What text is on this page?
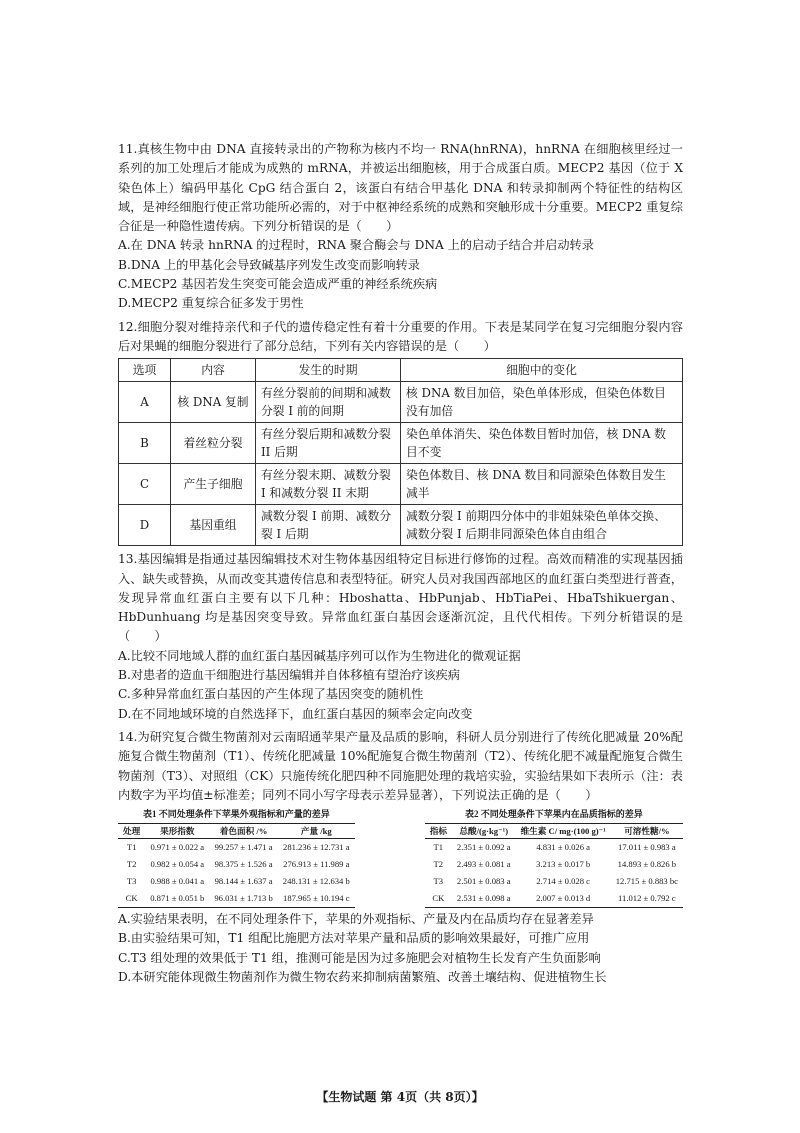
11.真核生物中由 DNA 直接转录出的产物称为核内不均一 RNA(hnRNA)，hnRNA 在细胞核里经过一系列的加工处理后才能成为成熟的 mRNA，并被运出细胞核，用于合成蛋白质。MECP2 基因（位于 X 染色体上）编码甲基化 CpG 结合蛋白 2，该蛋白有结合甲基化 DNA 和转录抑制两个特征性的结构区域，是神经细胞行使正常功能所必需的，对于中枢神经系统的成熟和突触形成十分重要。MECP2 重复综合征是一种隐性遗传病。下列分析错误的是（　　）

A.在 DNA 转录 hnRNA 的过程时，RNA 聚合酶会与 DNA 上的启动子结合并启动转录

B.DNA 上的甲基化会导致碱基序列发生改变而影响转录

C.MECP2 基因若发生突变可能会造成严重的神经系统疾病

D.MECP2 重复综合征多发于男性

12.细胞分裂对维持亲代和子代的遗传稳定性有着十分重要的作用。下表是某同学在复习完细胞分裂内容后对果蝇的细胞分裂进行了部分总结，下列有关内容错误的是（　　）

选项	内容	发生的时期	细胞中的变化
A	核 DNA 复制	有丝分裂前的间期和减数分裂 I 前的间期	核 DNA 数目加倍，染色单体形成，但染色体数目没有加倍
B	着丝粒分裂	有丝分裂后期和减数分裂 II 后期	染色单体消失、染色体数目暂时加倍，核 DNA 数目不变
C	产生子细胞	有丝分裂末期、减数分裂 I 和减数分裂 II 末期	染色体数目、核 DNA 数目和同源染色体数目发生减半
D	基因重组	减数分裂 I 前期、减数分裂 I 后期	减数分裂 I 前期四分体中的非姐妹染色单体交换、减数分裂 I 后期非同源染色体自由组合

13.基因编辑是指通过基因编辑技术对生物体基因组特定目标进行修饰的过程。高效而精准的实现基因插入、缺失或替换，从而改变其遗传信息和表型特征。研究人员对我国西部地区的血红蛋白类型进行普查，发现异常血红蛋白主要有以下几种：Hboshatta、HbPunjab、HbTiaPei、HbaTshikuergan、HbDunhuang 均是基因突变导致。异常血红蛋白基因会逐渐沉淀，且代代相传。下列分析错误的是（　　）

A.比较不同地域人群的血红蛋白基因碱基序列可以作为生物进化的微观证据

B.对患者的造血干细胞进行基因编辑并自体移植有望治疗该疾病

C.多种异常血红蛋白基因的产生体现了基因突变的随机性

D.在不同地域环境的自然选择下，血红蛋白基因的频率会定向改变

14.为研究复合微生物菌剂对云南昭通苹果产量及品质的影响，科研人员分别进行了传统化肥减量 20%配施复合微生物菌剂（T1）、传统化肥减量 10%配施复合微生物菌剂（T2）、传统化肥不减量配施复合微生物菌剂（T3）、对照组（CK）只施传统化肥四种不同施肥处理的栽培实验，实验结果如下表所示（注：表内数字为平均值±标准差；同列不同小写字母表示差异显著），下列说法正确的是（　　）

表1 不同处理条件下苹果外观指标和产量的差异
处理	果形指数	着色面积 /%	产量 /kg
T1	0.971 ± 0.022 a	99.257 ± 1.471 a	281.236 ± 12.731 a
T2	0.982 ± 0.054 a	98.375 ± 1.526 a	276.913 ± 11.989 a
T3	0.988 ± 0.041 a	98.144 ± 1.637 a	248.131 ± 12.634 b
CK	0.871 ± 0.051 b	96.031 ± 1.713 b	187.965 ± 10.194 c
表2 不同处理条件下苹果内在品质指标的差异
指标	总酸/(g·kg⁻¹)	维生素 C/ mg·(100 g)⁻¹	可溶性糖/%
T1	2.351 ± 0.092 a	4.831 ± 0.026 a	17.011 ± 0.983 a
T2	2.493 ± 0.081 a	3.213 ± 0.017 b	14.893 ± 0.826 b
T3	2.501 ± 0.083 a	2.714 ± 0.028 c	12.715 ± 0.883 bc
CK	2.531 ± 0.098 a	2.007 ± 0.013 d	11.012 ± 0.792 c

A.实验结果表明，在不同处理条件下，苹果的外观指标、产量及内在品质均存在显著差异

B.由实验结果可知，T1 组配比施肥方法对苹果产量和品质的影响效果最好，可推广应用

C.T3 组处理的效果低于 T1 组，推测可能是因为过多施肥会对植物生长发育产生负面影响

D.本研究能体现微生物菌剂作为微生物农药来抑制病菌繁殖、改善土壤结构、促进植物生长

【生物试题 第 4页（共 8页）】
